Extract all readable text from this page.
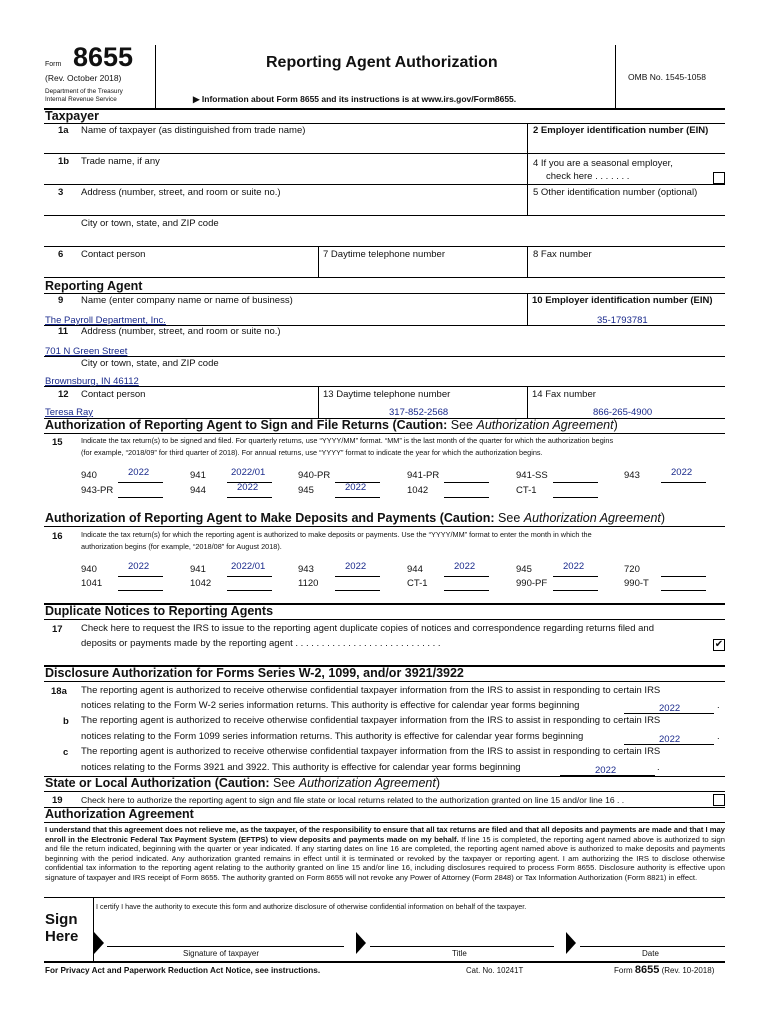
Form 8655
(Rev. October 2018)
Department of the Treasury
Internal Revenue Service
Reporting Agent Authorization
▶ Information about Form 8655 and its instructions is at www.irs.gov/Form8655.
OMB No. 1545-1058
Taxpayer
1a Name of taxpayer (as distinguished from trade name)	2 Employer identification number (EIN)
1b Trade name, if any	4 If you are a seasonal employer,
check here . . . . . . .
3 Address (number, street, and room or suite no.)	5 Other identification number (optional)
City or town, state, and ZIP code
6 Contact person	7 Daytime telephone number	8 Fax number
Reporting Agent
9 Name (enter company name or name of business)	10 Employer identification number (EIN)
The Payroll Department, Inc.	35-1793781
11 Address (number, street, and room or suite no.)
701 N Green Street
City or town, state, and ZIP code
Brownsburg, IN 46112
12 Contact person	13 Daytime telephone number	14 Fax number
Teresa Ray	317-852-2568	866-265-4900
Authorization of Reporting Agent to Sign and File Returns (Caution: See Authorization Agreement)
15	Indicate the tax return(s) to be signed and filed. For quarterly returns, use “YYYY/MM” format. “MM” is the last month of the quarter for which the authorization begins
(for example, “2018/09” for third quarter of 2018). For annual returns, use “YYYY” format to indicate the year for which the authorization begins.
940	2022	941	2022/01	940-PR	941-PR	941-SS	943	2022
943-PR	944	2022	945	2022	1042	CT-1
Authorization of Reporting Agent to Make Deposits and Payments (Caution: See Authorization Agreement)
16	Indicate the tax return(s) for which the reporting agent is authorized to make deposits or payments. Use the “YYYY/MM” format to enter the month in which the
authorization begins (for example, “2018/08” for August 2018).
940	2022	941	2022/01	943	2022	944	2022	945	2022	720
1041	1042	1120	CT-1	990-PF	990-T
Duplicate Notices to Reporting Agents
17 Check here to request the IRS to issue to the reporting agent duplicate copies of notices and correspondence regarding returns filed and
deposits or payments made by the reporting agent . . . . . . . . . . . . . . . . . . . . . . . . . . . .	✔
Disclosure Authorization for Forms Series W-2, 1099, and/or 3921/3922
18a The reporting agent is authorized to receive otherwise confidential taxpayer information from the IRS to assist in responding to certain IRS
notices relating to the Form W-2 series information returns. This authority is effective for calendar year forms beginning	2022	.
b The reporting agent is authorized to receive otherwise confidential taxpayer information from the IRS to assist in responding to certain IRS
notices relating to the Form 1099 series information returns. This authority is effective for calendar year forms beginning	2022	.
c The reporting agent is authorized to receive otherwise confidential taxpayer information from the IRS to assist in responding to certain IRS
notices relating to the Forms 3921 and 3922. This authority is effective for calendar year forms beginning	2022	.
State or Local Authorization (Caution: See Authorization Agreement)
19 Check here to authorize the reporting agent to sign and file state or local returns related to the authorization granted on line 15 and/or line 16 . .
Authorization Agreement
I understand that this agreement does not relieve me, as the taxpayer, of the responsibility to ensure that all tax returns are filed and that all deposits and payments are made and that I may enroll in the Electronic Federal Tax Payment System (EFTPS) to view deposits and payments made on my behalf. If line 15 is completed, the reporting agent named above is authorized to sign and file the return indicated, beginning with the quarter or year indicated. If any starting dates on line 16 are completed, the reporting agent named above is authorized to make deposits and payments beginning with the period indicated. Any authorization granted remains in effect until it is terminated or revoked by the taxpayer or reporting agent. I am authorizing the IRS to disclose otherwise confidential tax information to the reporting agent relating to the authority granted on line 15 and/or line 16, including disclosures required to process Form 8655. Disclosure authority is effective upon signature of taxpayer and IRS receipt of Form 8655. The authority granted on Form 8655 will not revoke any Power of Attorney (Form 2848) or Tax Information Authorization (Form 8821) in effect.
Sign
Here
I certify I have the authority to execute this form and authorize disclosure of otherwise confidential information on behalf of the taxpayer.
Signature of taxpayer	Title	Date
For Privacy Act and Paperwork Reduction Act Notice, see instructions.	Cat. No. 10241T	Form 8655 (Rev. 10-2018)
